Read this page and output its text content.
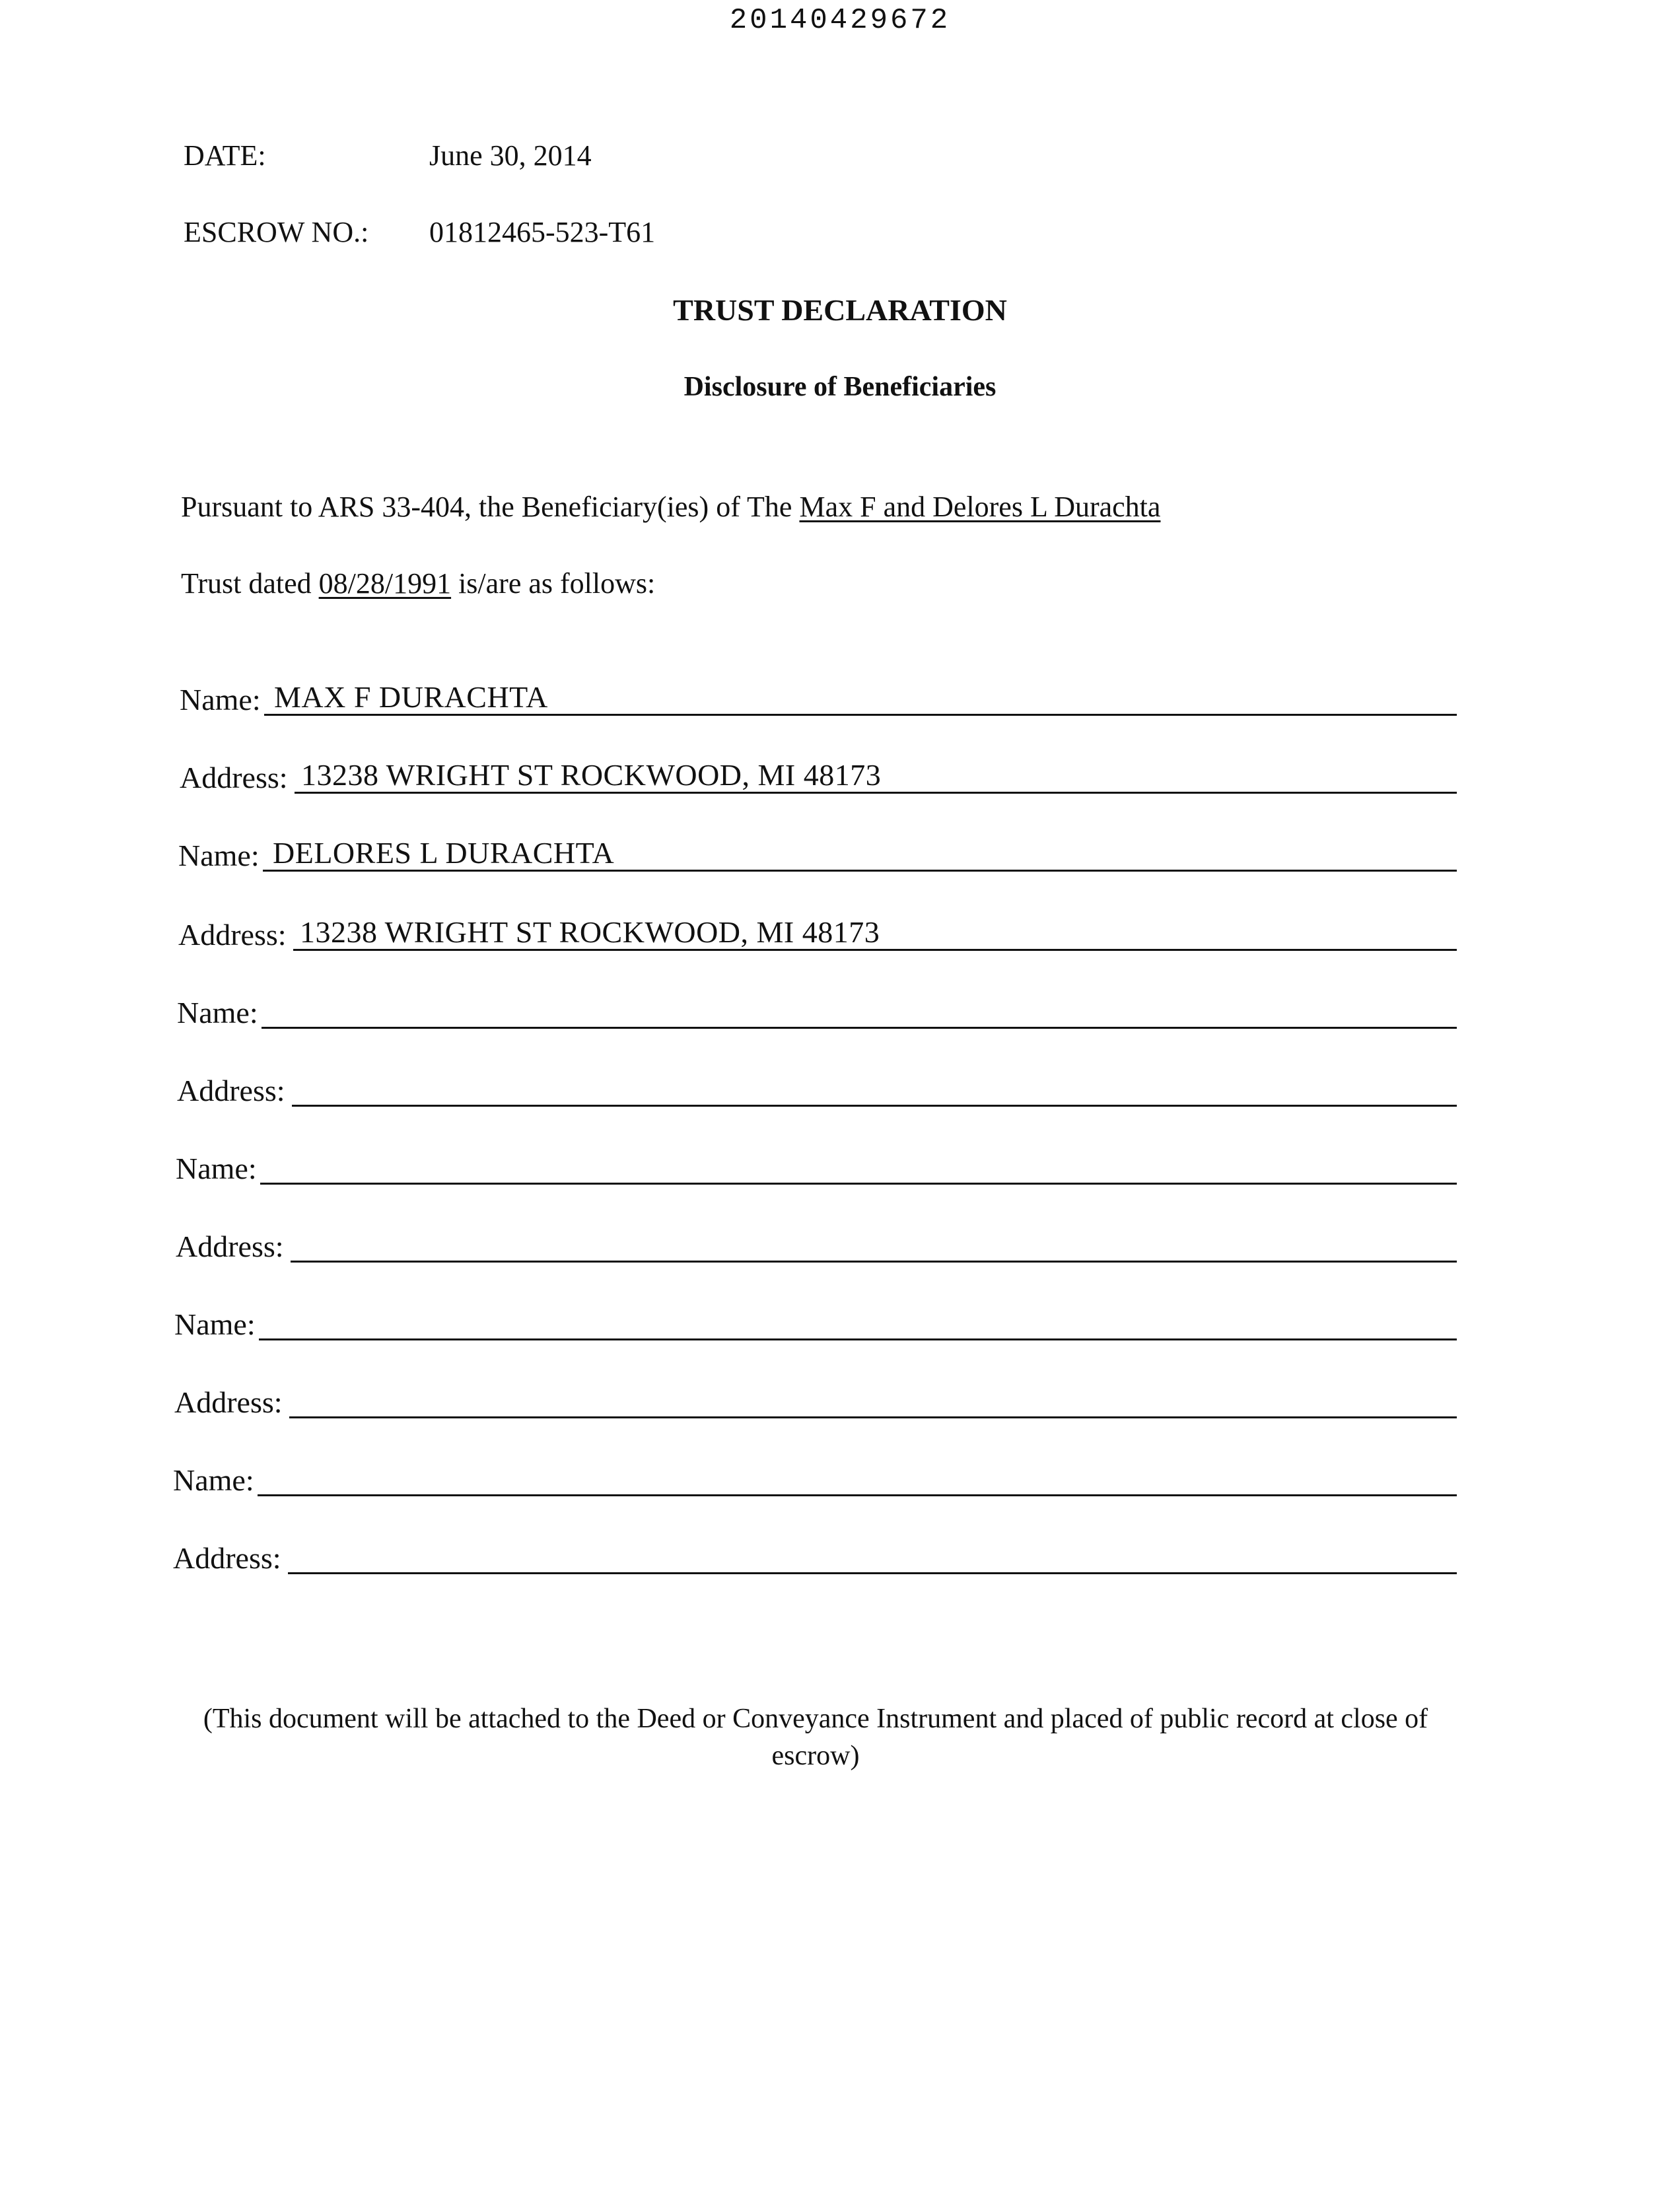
20140429672
DATE:	June 30, 2014
ESCROW NO.: 01812465-523-T61
TRUST DECLARATION
Disclosure of Beneficiaries
Pursuant to ARS 33-404, the Beneficiary(ies) of The Max F and Delores L Durachta
Trust dated 08/28/1991 is/are as follows:
Name: MAX F DURACHTA
Address: 13238 WRIGHT ST ROCKWOOD, MI 48173
Name: DELORES L DURACHTA
Address: 13238 WRIGHT ST ROCKWOOD, MI 48173
Name:
Address:
Name:
Address:
Name:
Address:
Name:
Address:
(This document will be attached to the Deed or Conveyance Instrument and placed of public record at close of escrow)
